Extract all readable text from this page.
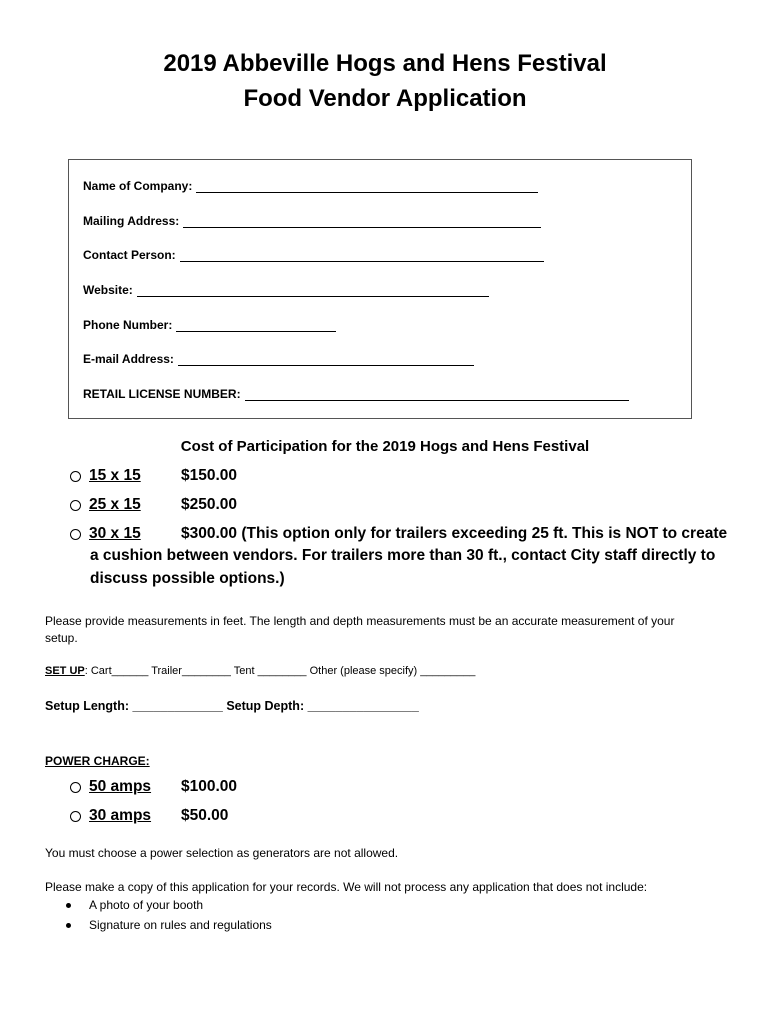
2019 Abbeville Hogs and Hens Festival
Food Vendor Application
Name of Company:
Mailing Address:
Contact Person:
Website:
Phone Number:
E-mail Address:
RETAIL LICENSE NUMBER:
Cost of Participation for the 2019 Hogs and Hens Festival
15 x 15	$150.00
25 x 15	$250.00
30 x 15	$300.00 (This option only for trailers exceeding 25 ft. This is NOT to create
a cushion between vendors. For trailers more than 30 ft., contact City staff directly to
discuss possible options.)
Please provide measurements in feet. The length and depth measurements must be an accurate measurement of your
setup.
SET UP: Cart______ Trailer________ Tent ________ Other (please specify) _________
Setup Length: _____________ Setup Depth: ________________
POWER CHARGE:
50 amps	$100.00
30 amps	$50.00
You must choose a power selection as generators are not allowed.
Please make a copy of this application for your records. We will not process any application that does not include:
A photo of your booth
Signature on rules and regulations
